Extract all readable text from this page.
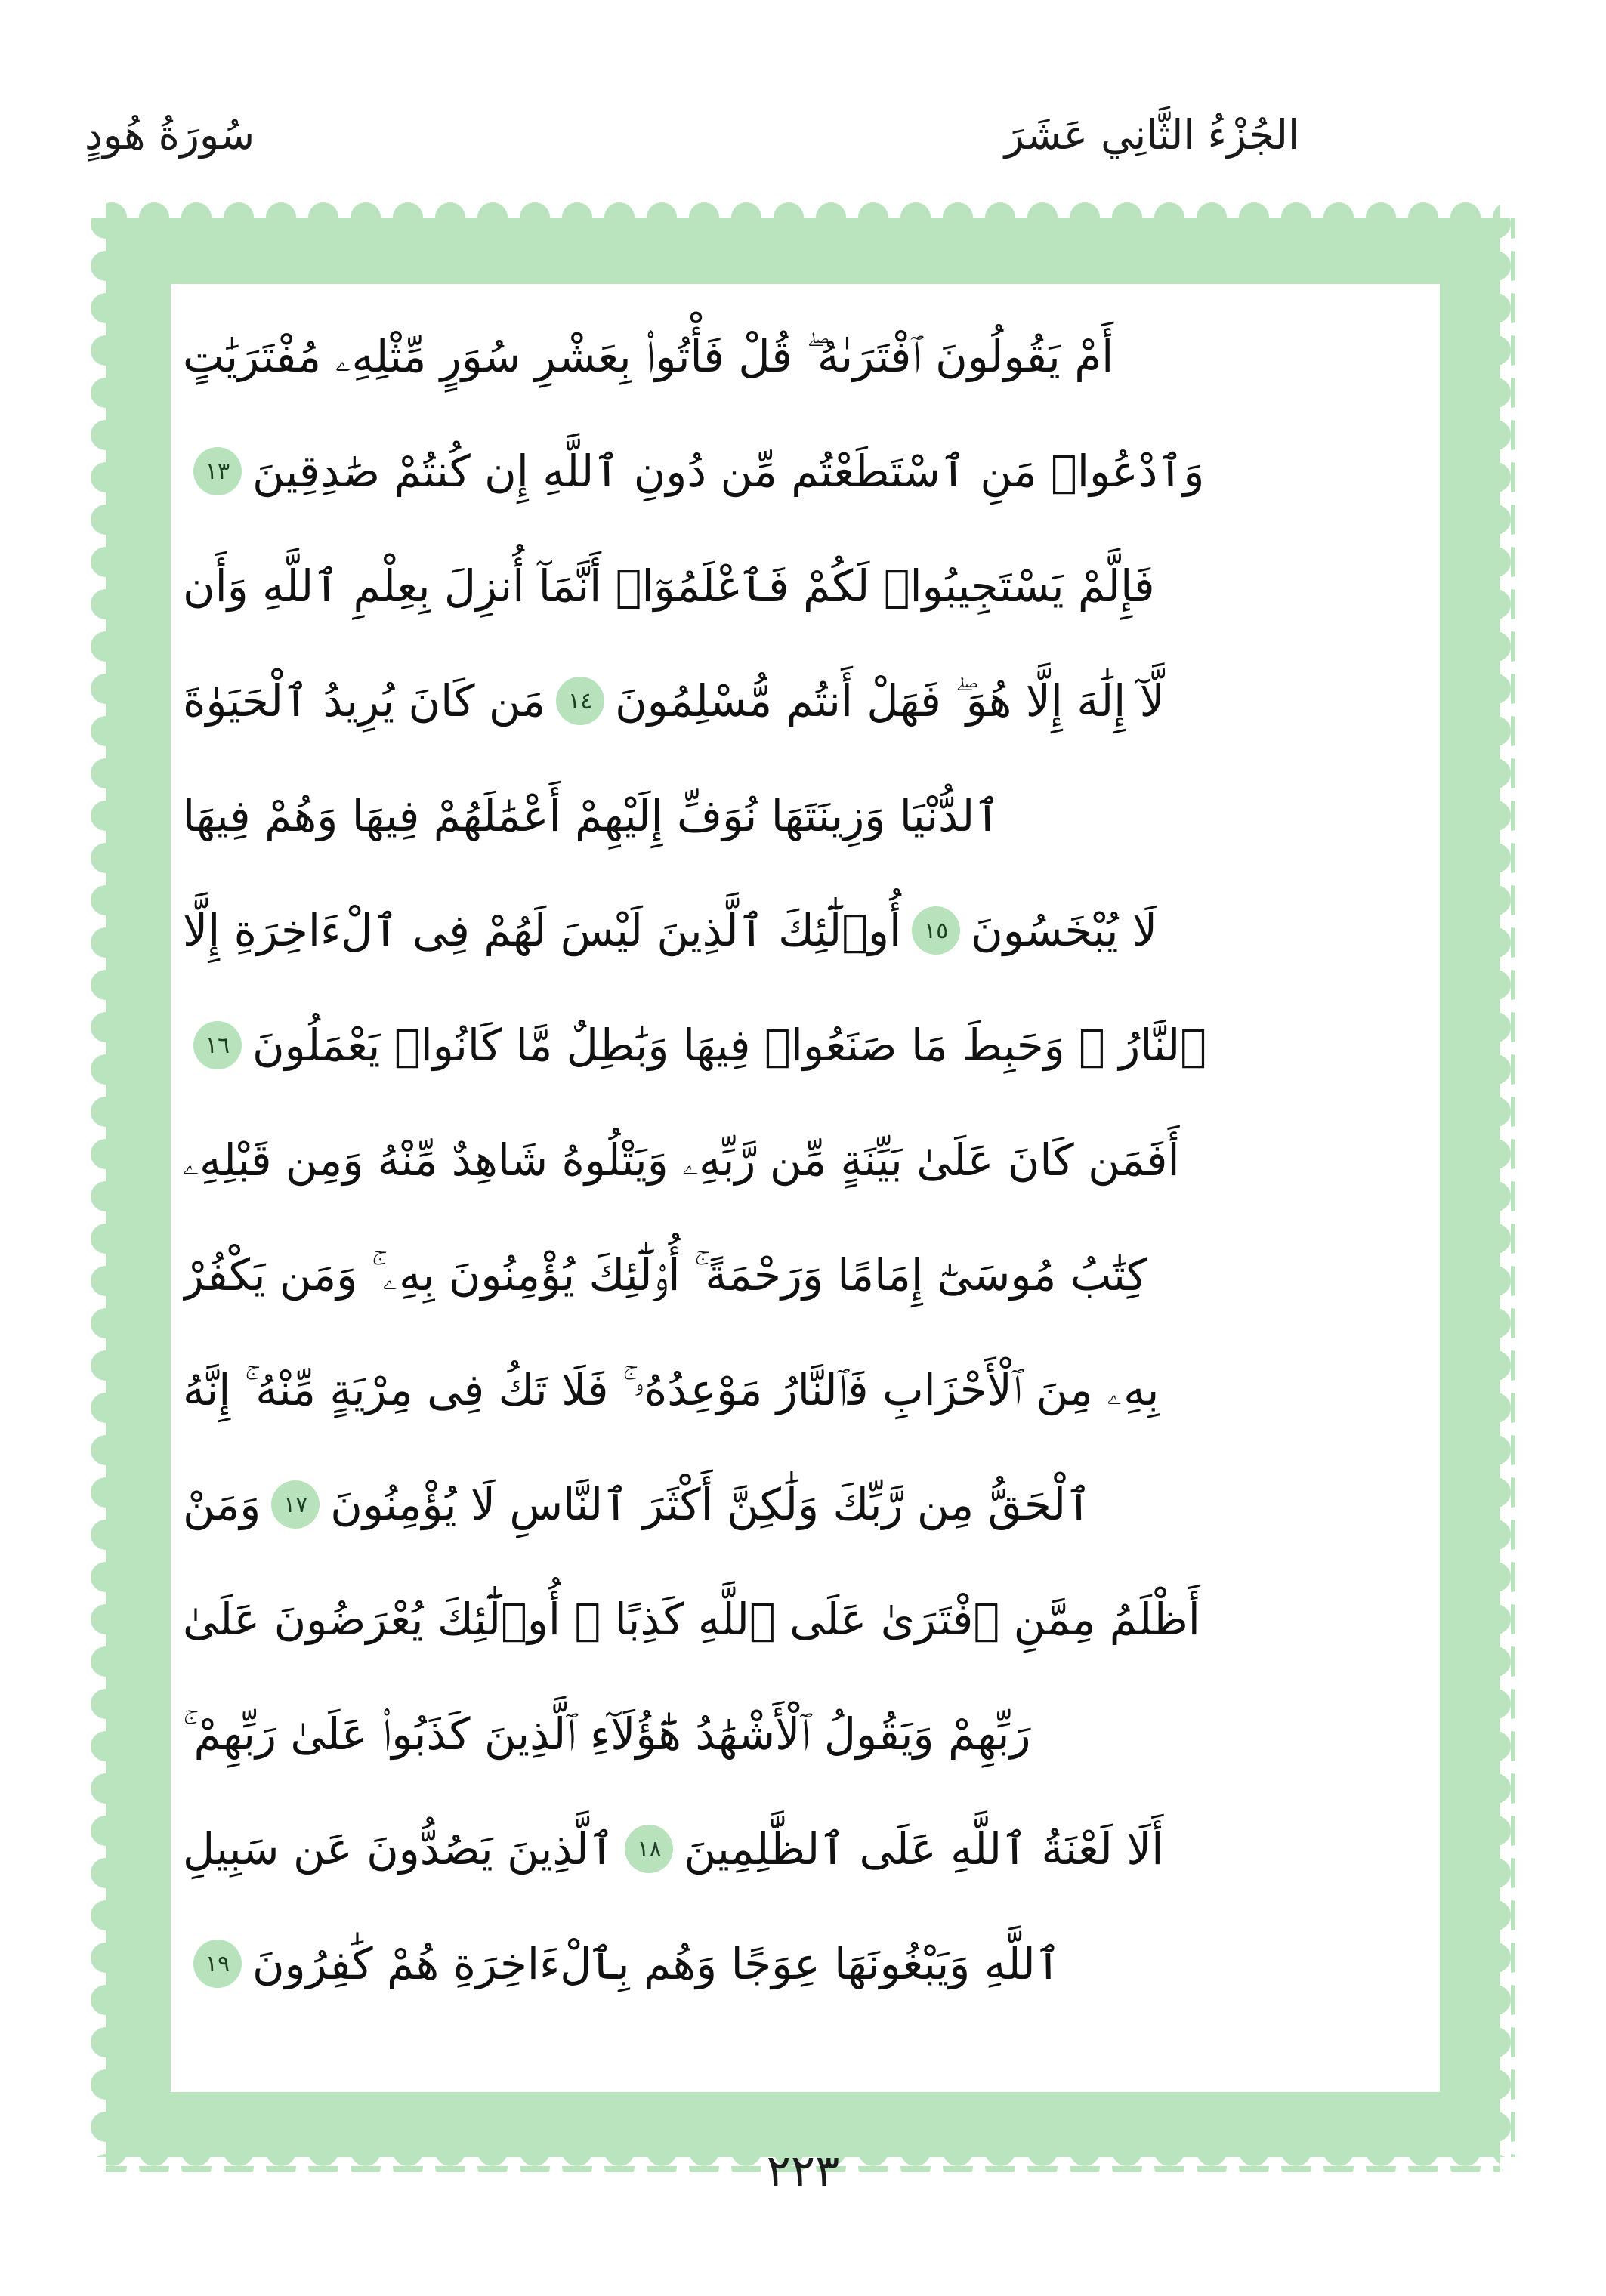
الجُزْءُ الثَّانِي عَشَرَ
سُورَةُ هُودٍ
أَمْ يَقُولُونَ ٱفْتَرَىٰهُ ۖ قُلْ فَأْتُوا۟ بِعَشْرِ سُوَرٍ مِّثْلِهِۦ مُفْتَرَيَٰتٍ
وَٱدْعُوا۟ مَنِ ٱسْتَطَعْتُم مِّن دُونِ ٱللَّهِ إِن كُنتُمْ صَٰدِقِينَ
١٣
فَإِلَّمْ يَسْتَجِيبُوا۟ لَكُمْ فَٱعْلَمُوٓا۟ أَنَّمَآ أُنزِلَ بِعِلْمِ ٱللَّهِ وَأَن
لَّآ إِلَٰهَ إِلَّا هُوَ ۖ فَهَلْ أَنتُم مُّسْلِمُونَ
١٤
مَن كَانَ يُرِيدُ ٱلْحَيَوٰةَ
ٱلدُّنْيَا وَزِينَتَهَا نُوَفِّ إِلَيْهِمْ أَعْمَٰلَهُمْ فِيهَا وَهُمْ فِيهَا
لَا يُبْخَسُونَ
١٥
أُو۟لَٰٓئِكَ ٱلَّذِينَ لَيْسَ لَهُمْ فِى ٱلْءَاخِرَةِ إِلَّا
ٱلنَّارُ ۖ وَحَبِطَ مَا صَنَعُوا۟ فِيهَا وَبَٰطِلٌ مَّا كَانُوا۟ يَعْمَلُونَ
١٦
أَفَمَن كَانَ عَلَىٰ بَيِّنَةٍ مِّن رَّبِّهِۦ وَيَتْلُوهُ شَاهِدٌ مِّنْهُ وَمِن قَبْلِهِۦ
كِتَٰبُ مُوسَىٰٓ إِمَامًا وَرَحْمَةً ۚ أُو۟لَٰٓئِكَ يُؤْمِنُونَ بِهِۦ ۚ وَمَن يَكْفُرْ
بِهِۦ مِنَ ٱلْأَحْزَابِ فَٱلنَّارُ مَوْعِدُهُۥ ۚ فَلَا تَكُ فِى مِرْيَةٍ مِّنْهُ ۚ إِنَّهُ
ٱلْحَقُّ مِن رَّبِّكَ وَلَٰكِنَّ أَكْثَرَ ٱلنَّاسِ لَا يُؤْمِنُونَ
١٧
وَمَنْ
أَظْلَمُ مِمَّنِ ٱفْتَرَىٰ عَلَى ٱللَّهِ كَذِبًا ۚ أُو۟لَٰٓئِكَ يُعْرَضُونَ عَلَىٰ
رَبِّهِمْ وَيَقُولُ ٱلْأَشْهَٰدُ هَٰٓؤُلَآءِ ٱلَّذِينَ كَذَبُوا۟ عَلَىٰ رَبِّهِمْ ۚ
أَلَا لَعْنَةُ ٱللَّهِ عَلَى ٱلظَّٰلِمِينَ
١٨
ٱلَّذِينَ يَصُدُّونَ عَن سَبِيلِ
ٱللَّهِ وَيَبْغُونَهَا عِوَجًا وَهُم بِٱلْءَاخِرَةِ هُمْ كَٰفِرُونَ
١٩
٢٢٣
